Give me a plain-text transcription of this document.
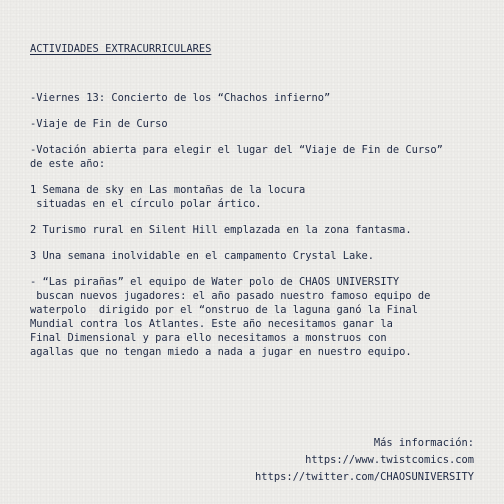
ACTIVIDADES EXTRACURRICULARES
-Viernes 13: Concierto de los “Chachos infierno”
-Viaje de Fin de Curso
-Votación abierta para elegir el lugar del “Viaje de Fin de Curso”
de este año:
1 Semana de sky en Las montañas de la locura
situadas en el círculo polar ártico.
2 Turismo rural en Silent Hill emplazada en la zona fantasma.
3 Una semana inolvidable en el campamento Crystal Lake.
- “Las pirañas” el equipo de Water polo de CHAOS UNIVERSITY
buscan nuevos jugadores: el año pasado nuestro famoso equipo de
waterpolo  dirigido por el “onstruo de la laguna ganó la Final
Mundial contra los Atlantes. Este año necesitamos ganar la
Final Dimensional y para ello necesitamos a monstruos con
agallas que no tengan miedo a nada a jugar en nuestro equipo.
Más información:
https://www.twistcomics.com
https://twitter.com/CHAOSUNIVERSITY
